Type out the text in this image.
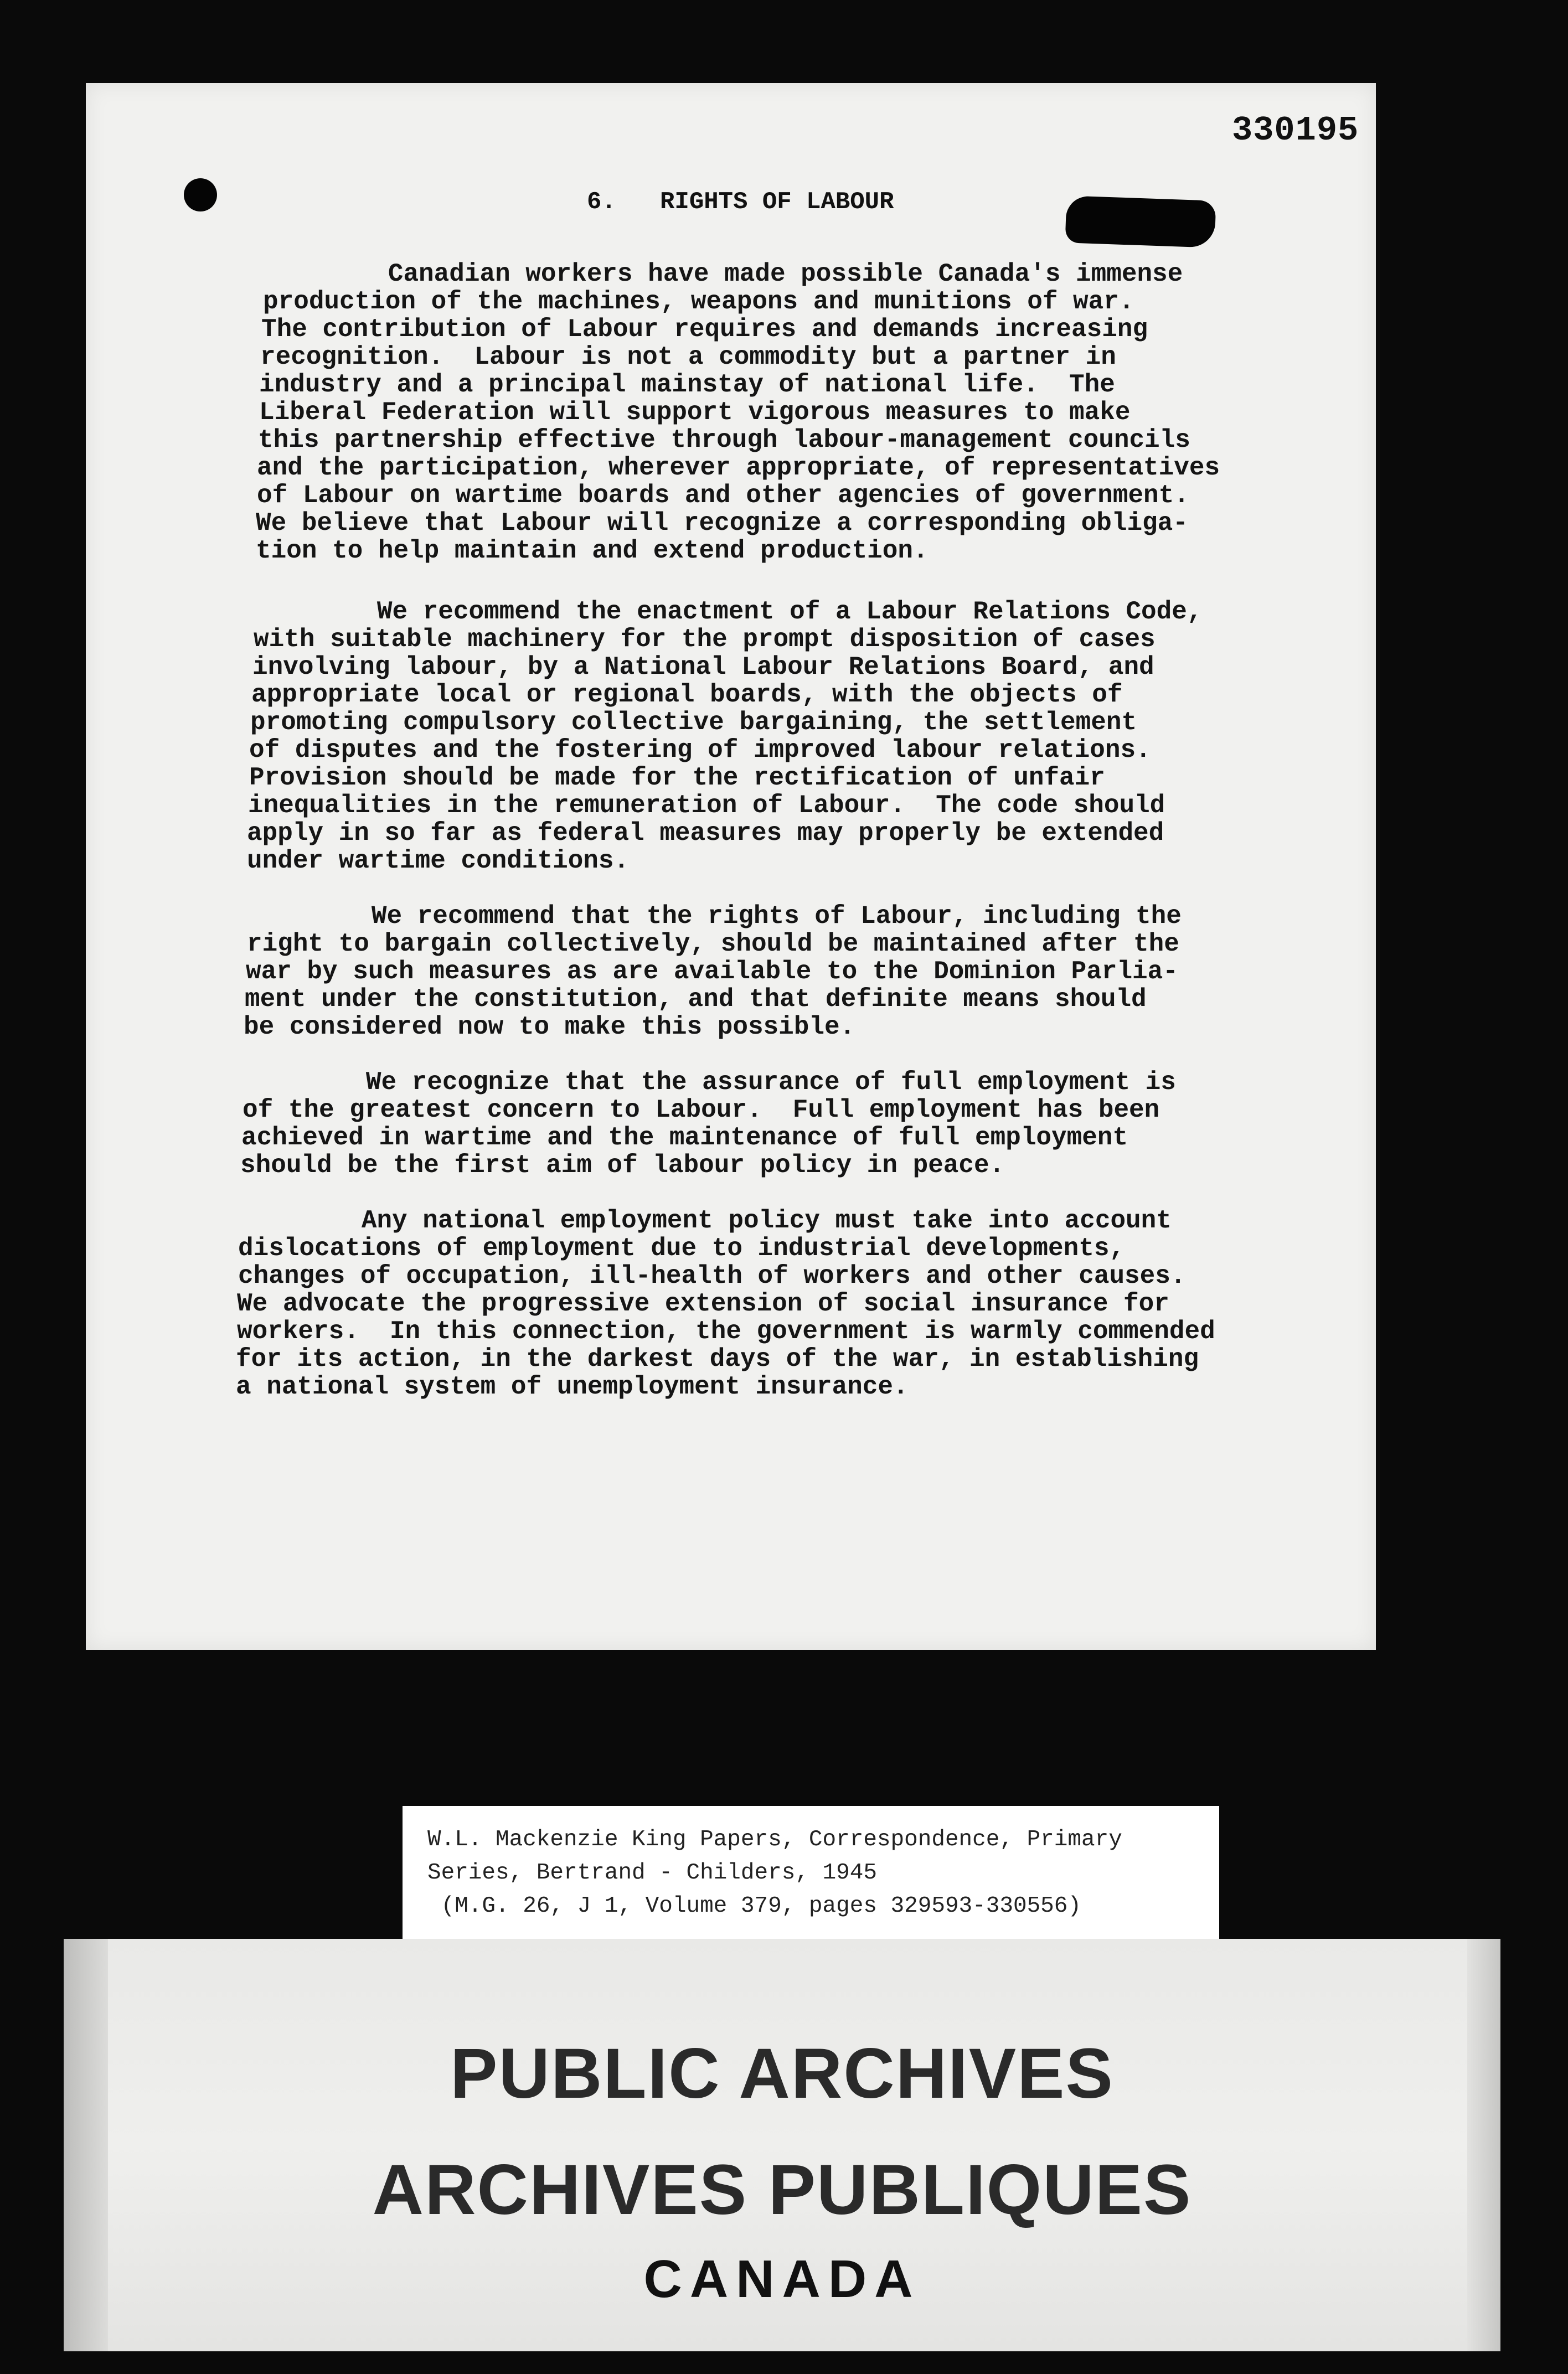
330195
6.   RIGHTS OF LABOUR
Canadian workers have made possible Canada's immense
production of the machines, weapons and munitions of war.
The contribution of Labour requires and demands increasing
recognition.  Labour is not a commodity but a partner in
industry and a principal mainstay of national life.  The
Liberal Federation will support vigorous measures to make
this partnership effective through labour-management councils
and the participation, wherever appropriate, of representatives
of Labour on wartime boards and other agencies of government.
We believe that Labour will recognize a corresponding obliga-
tion to help maintain and extend production.
We recommend the enactment of a Labour Relations Code,
with suitable machinery for the prompt disposition of cases
involving labour, by a National Labour Relations Board, and
appropriate local or regional boards, with the objects of
promoting compulsory collective bargaining, the settlement
of disputes and the fostering of improved labour relations.
Provision should be made for the rectification of unfair
inequalities in the remuneration of Labour.  The code should
apply in so far as federal measures may properly be extended
under wartime conditions.
We recommend that the rights of Labour, including the
right to bargain collectively, should be maintained after the
war by such measures as are available to the Dominion Parlia-
ment under the constitution, and that definite means should
be considered now to make this possible.
We recognize that the assurance of full employment is
of the greatest concern to Labour.  Full employment has been
achieved in wartime and the maintenance of full employment
should be the first aim of labour policy in peace.
Any national employment policy must take into account
dislocations of employment due to industrial developments,
changes of occupation, ill-health of workers and other causes.
We advocate the progressive extension of social insurance for
workers.  In this connection, the government is warmly commended
for its action, in the darkest days of the war, in establishing
a national system of unemployment insurance.
W.L. Mackenzie King Papers, Correspondence, Primary
Series, Bertrand - Childers, 1945
(M.G. 26, J 1, Volume 379, pages 329593-330556)
PUBLIC ARCHIVES
ARCHIVES PUBLIQUES
CANADA
